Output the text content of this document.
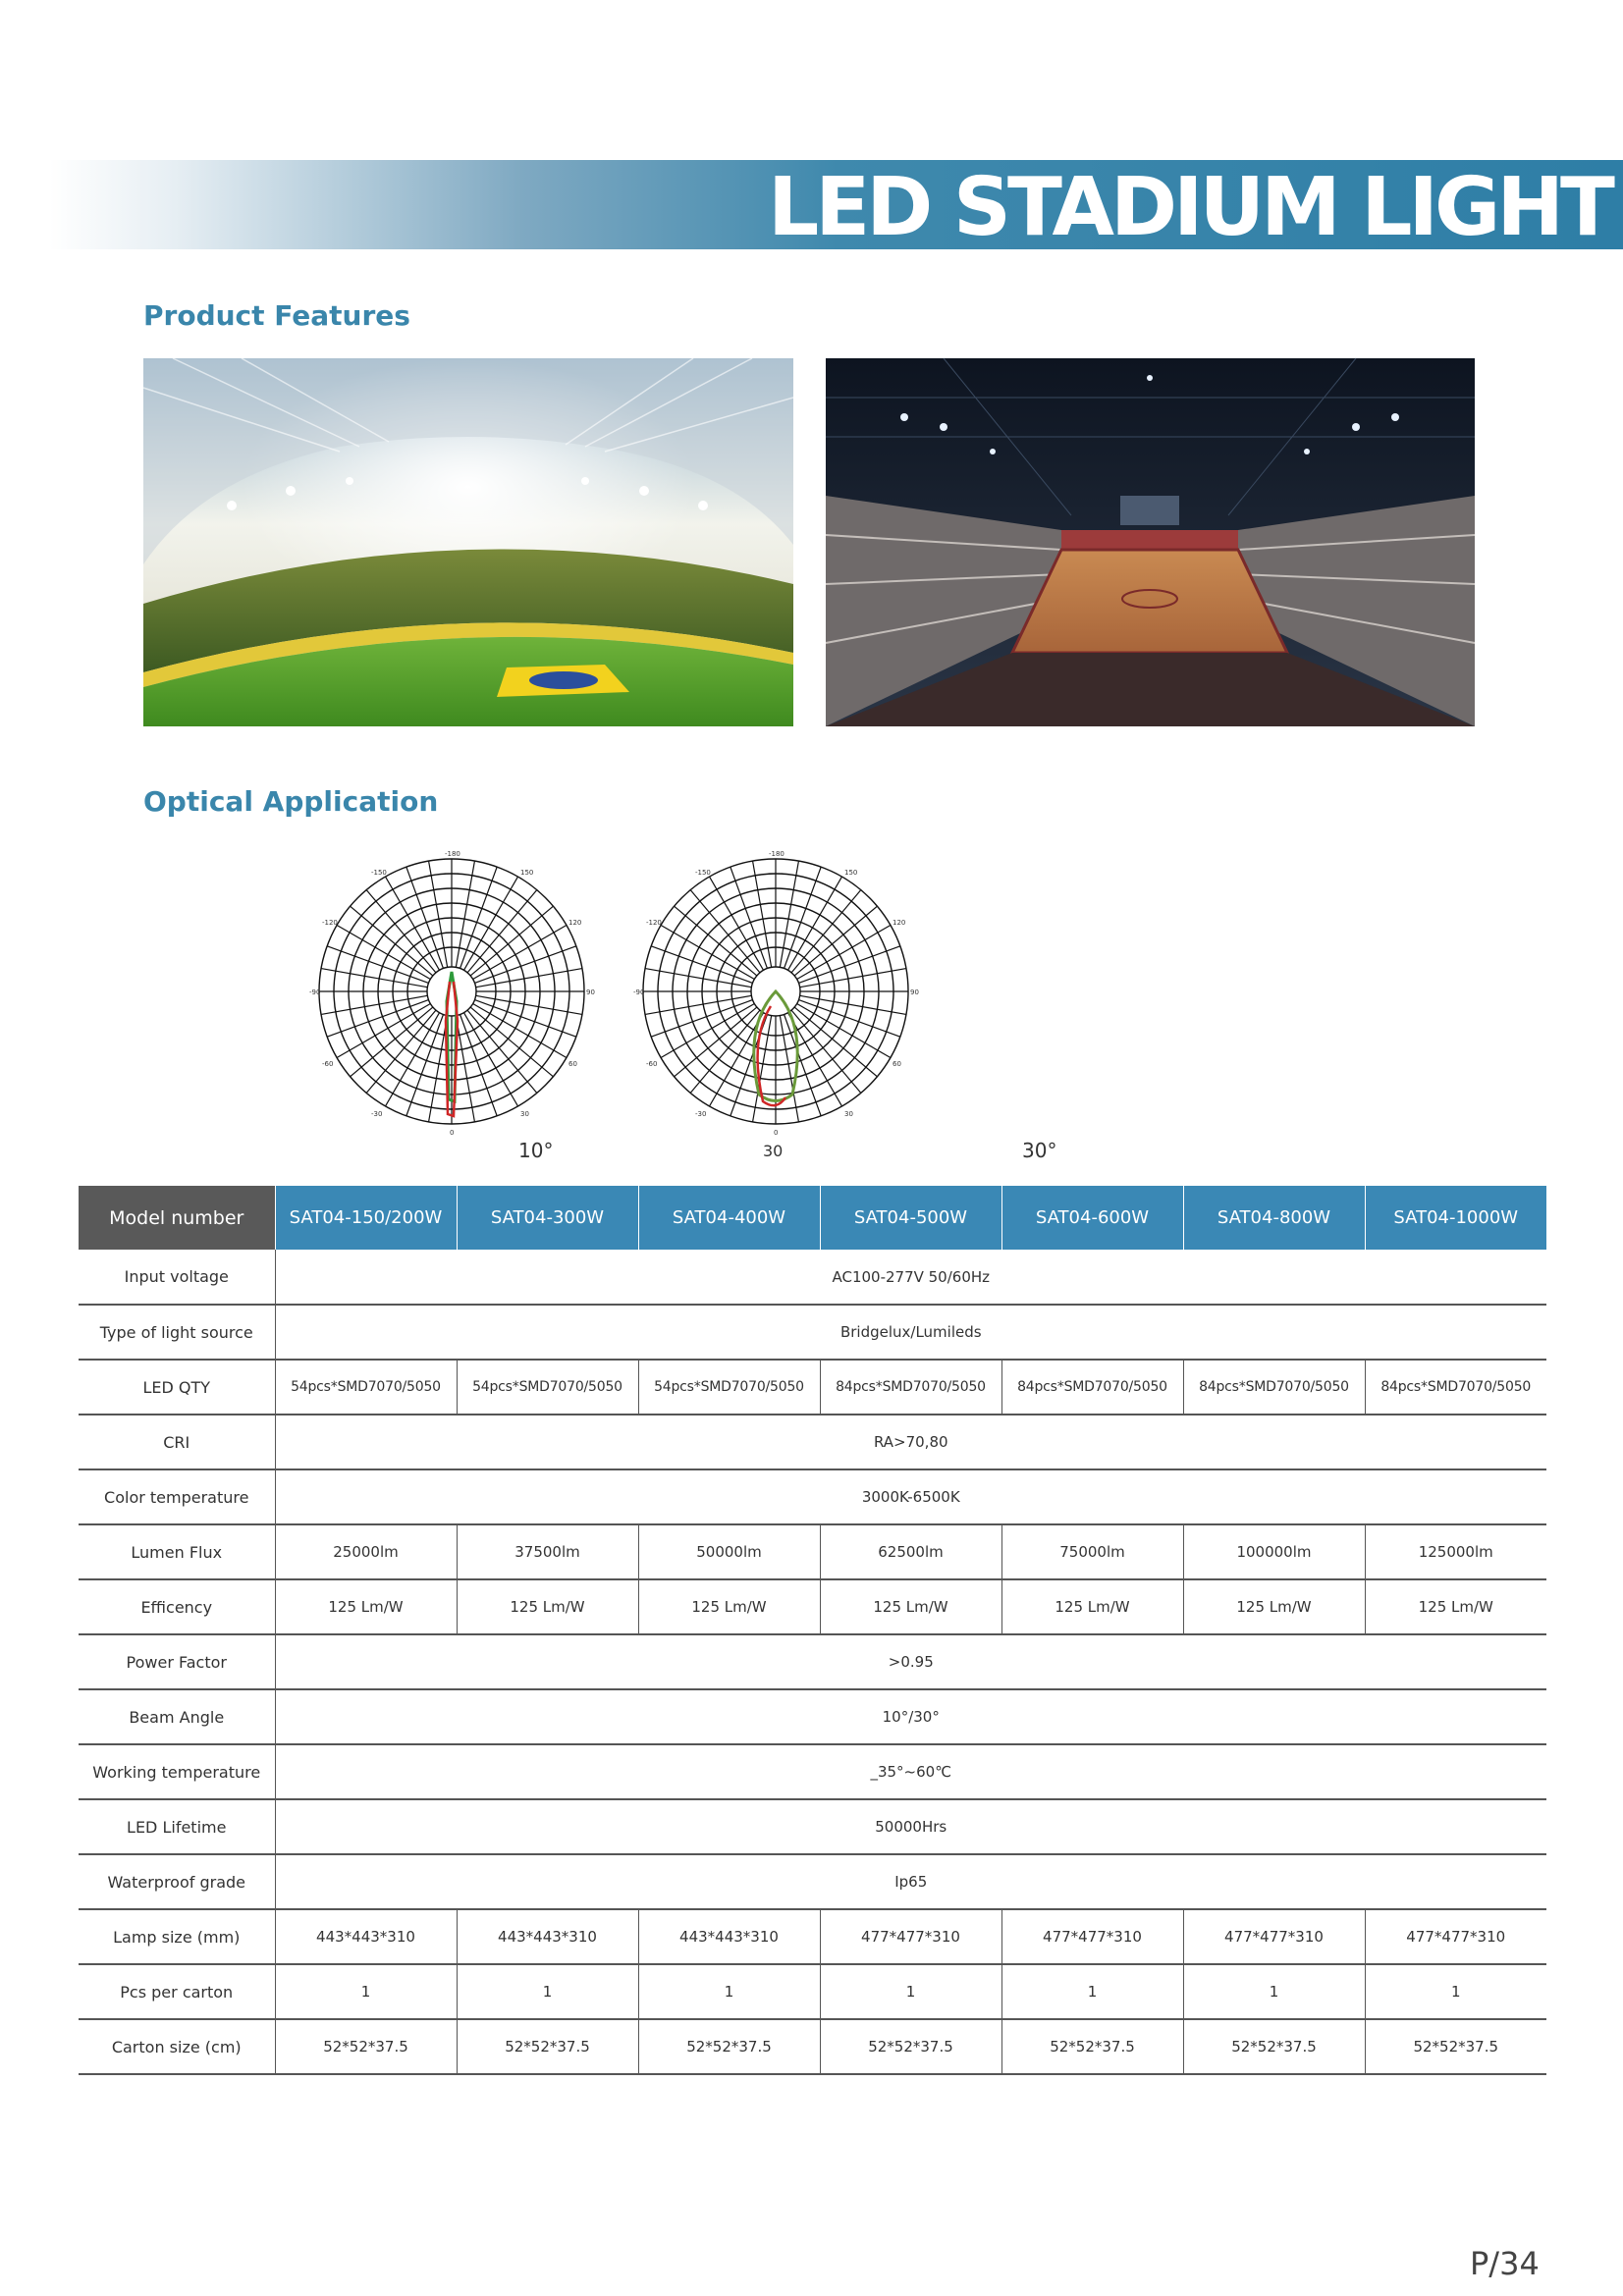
LED STADIUM LIGHT
Product Features
Optical Application
-180
-150	150
-120	120
-90	90
-60	60
-30	30
0
10°
-180
-150	150
-120	120
-90	90
-60	60
-30	30
0
30	30°
Model number	SAT04-150/200W	SAT04-300W	SAT04-400W	SAT04-500W	SAT04-600W	SAT04-800W	SAT04-1000W
Input voltage	AC100-277V 50/60Hz						
Type of light source	Bridgelux/Lumileds						
LED QTY	54pcs*SMD7070/5050	54pcs*SMD7070/5050	54pcs*SMD7070/5050	84pcs*SMD7070/5050	84pcs*SMD7070/5050	84pcs*SMD7070/5050	84pcs*SMD7070/5050
CRI	RA>70,80						
Color temperature	3000K-6500K						
Lumen Flux	25000lm	37500lm	50000lm	62500lm	75000lm	100000lm	125000lm
Efficency	125 Lm/W	125 Lm/W	125 Lm/W	125 Lm/W	125 Lm/W	125 Lm/W	125 Lm/W
Power Factor	>0.95						
Beam Angle	10°/30°						
Working temperature	_35°~60℃						
LED Lifetime	50000Hrs						
Waterproof grade	Ip65						
Lamp size (mm)	443*443*310	443*443*310	443*443*310	477*477*310	477*477*310	477*477*310	477*477*310
Pcs per carton	1	1	1	1	1	1	1
Carton size (cm)	52*52*37.5	52*52*37.5	52*52*37.5	52*52*37.5	52*52*37.5	52*52*37.5	52*52*37.5
P/34
